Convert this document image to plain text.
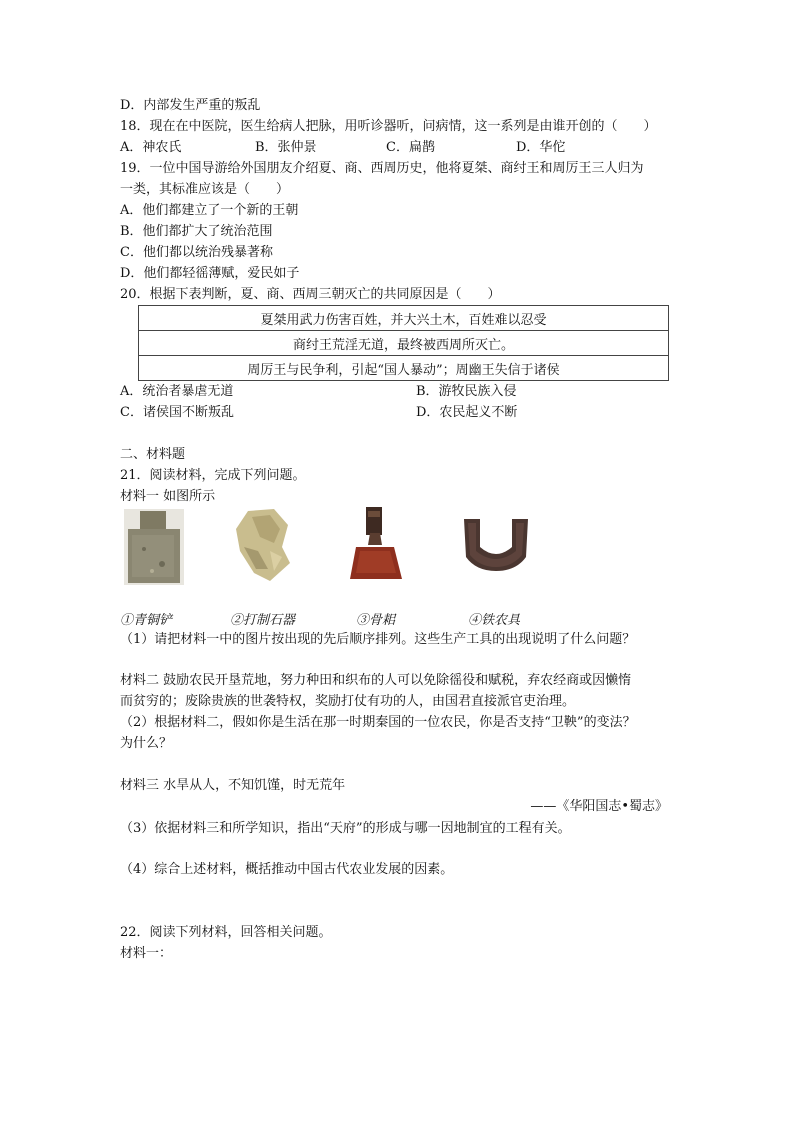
D．内部发生严重的叛乱
18．现在在中医院，医生给病人把脉，用听诊器听，问病情，这一系列是由谁开创的（　　）
A．神农氏	B．张仲景	C．扁鹊	D．华佗
19．一位中国导游给外国朋友介绍夏、商、西周历史，他将夏桀、商纣王和周厉王三人归为
一类，其标准应该是（　　）
A．他们都建立了一个新的王朝
B．他们都扩大了统治范围
C．他们都以统治残暴著称
D．他们都轻徭薄赋，爱民如子
20．根据下表判断，夏、商、西周三朝灭亡的共同原因是（　　）
夏桀用武力伤害百姓，并大兴土木，百姓难以忍受
商纣王荒淫无道，最终被西周所灭亡。
周厉王与民争利，引起“国人暴动”；周幽王失信于诸侯
A．统治者暴虐无道	B．游牧民族入侵
C．诸侯国不断叛乱	D．农民起义不断
二、材料题
21．阅读材料，完成下列问题。
材料一 如图所示
①青铜铲	②打制石器	③骨耜	④铁农具
（1）请把材料一中的图片按出现的先后顺序排列。这些生产工具的出现说明了什么问题？
材料二 鼓励农民开垦荒地，努力种田和织布的人可以免除徭役和赋税，弃农经商或因懒惰
而贫穷的；废除贵族的世袭特权，奖励打仗有功的人，由国君直接派官吏治理。
（2）根据材料二，假如你是生活在那一时期秦国的一位农民，你是否支持“卫鞅”的变法？
为什么？
材料三 水旱从人，不知饥馑，时无荒年
——《华阳国志•蜀志》
（3）依据材料三和所学知识，指出“天府”的形成与哪一因地制宜的工程有关。
（4）综合上述材料，概括推动中国古代农业发展的因素。
22．阅读下列材料，回答相关问题。
材料一：
